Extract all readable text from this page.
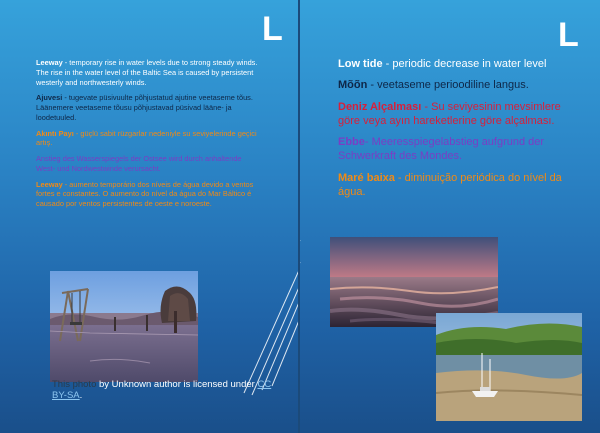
L

Leeway - temporary rise in water levels due to strong steady winds. The rise in the water level of the Baltic Sea is caused by persistent westerly and northwesterly winds.

Ajuvesi - tugevate püsivuulte põhjustatud ajutine veetaseme tõus. Läänemere veetaseme tõusu põhjustavad püsivad lääne- ja loodetuuled.

Akıntı Payı - güçlü sabit rüzgarlar nedeniyle su seviyelerinde geçici artış.

Anstieg des Wasserspiegels der Ostsee wird durch anhaltende West- und Nordwestwinde verursacht.

Leeway - aumento temporário dos níveis de água devido a ventos fortes e constantes. O aumento do nível da água do Mar Báltico é causado por ventos persistentes de oeste e noroeste.

This photo by Unknown author is licensed under CC BY-SA.
L

Low tide - periodic decrease in water level

Mõõn - veetaseme perioodiline langus.

Deniz Alçalması - Su seviyesinin mevsimlere göre veya ayın hareketlerine göre alçalması.

Ebbe- Meeresspiegelabstieg aufgrund der Schwerkraft des Mondes.

Maré baixa - diminuição periódica do nível da água.
